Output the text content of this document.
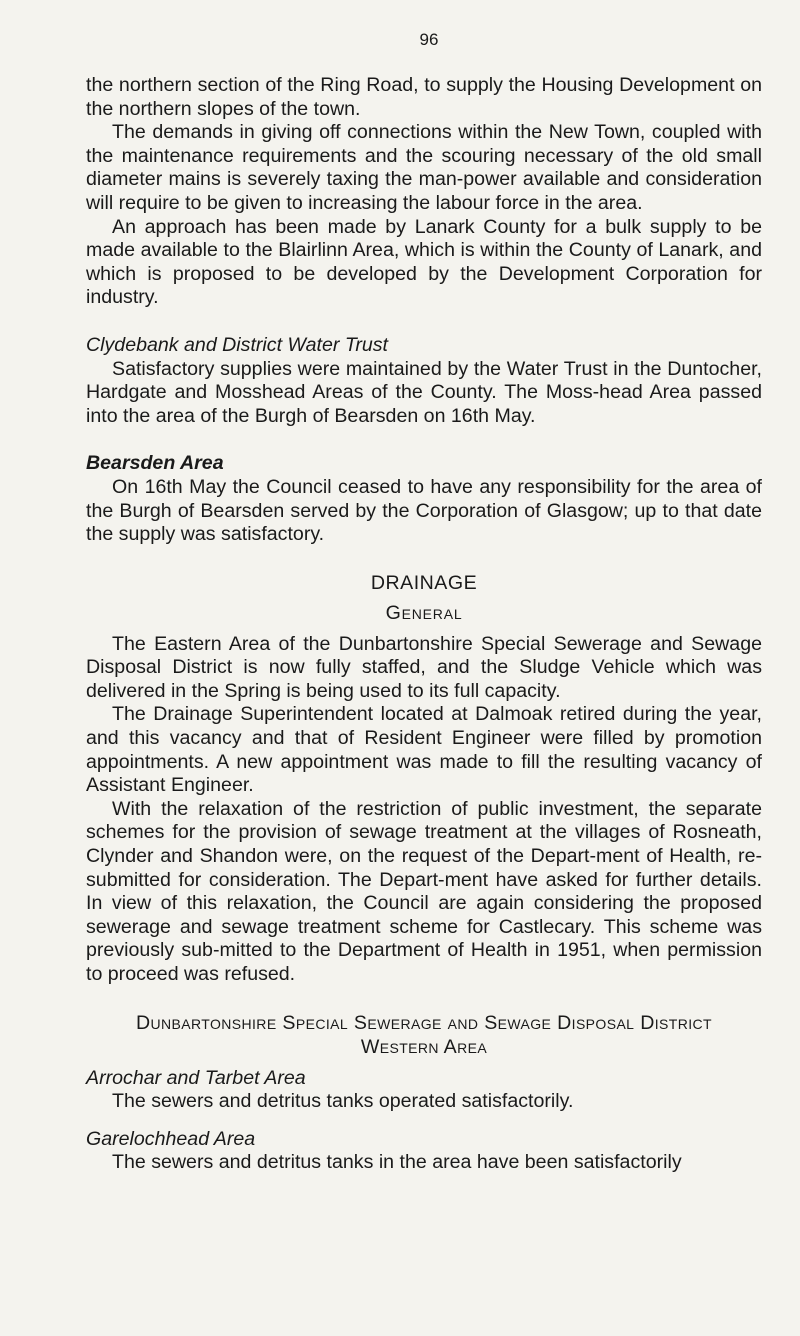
96

the northern section of the Ring Road, to supply the Housing Development on the northern slopes of the town.

The demands in giving off connections within the New Town, coupled with the maintenance requirements and the scouring necessary of the old small diameter mains is severely taxing the man-power available and consideration will require to be given to increasing the labour force in the area.

An approach has been made by Lanark County for a bulk supply to be made available to the Blairlinn Area, which is within the County of Lanark, and which is proposed to be developed by the Development Corporation for industry.

Clydebank and District Water Trust

Satisfactory supplies were maintained by the Water Trust in the Duntocher, Hardgate and Mosshead Areas of the County. The Moss-head Area passed into the area of the Burgh of Bearsden on 16th May.

Bearsden Area

On 16th May the Council ceased to have any responsibility for the area of the Burgh of Bearsden served by the Corporation of Glasgow; up to that date the supply was satisfactory.

DRAINAGE
General

The Eastern Area of the Dunbartonshire Special Sewerage and Sewage Disposal District is now fully staffed, and the Sludge Vehicle which was delivered in the Spring is being used to its full capacity.

The Drainage Superintendent located at Dalmoak retired during the year, and this vacancy and that of Resident Engineer were filled by promotion appointments. A new appointment was made to fill the resulting vacancy of Assistant Engineer.

With the relaxation of the restriction of public investment, the separate schemes for the provision of sewage treatment at the villages of Rosneath, Clynder and Shandon were, on the request of the Depart-ment of Health, re-submitted for consideration. The Depart-ment have asked for further details. In view of this relaxation, the Council are again considering the proposed sewerage and sewage treatment scheme for Castlecary. This scheme was previously sub-mitted to the Department of Health in 1951, when permission to proceed was refused.

Dunbartonshire Special Sewerage and Sewage Disposal District
Western Area
Arrochar and Tarbet Area

The sewers and detritus tanks operated satisfactorily.

Garelochhead Area

The sewers and detritus tanks in the area have been satisfactorily
